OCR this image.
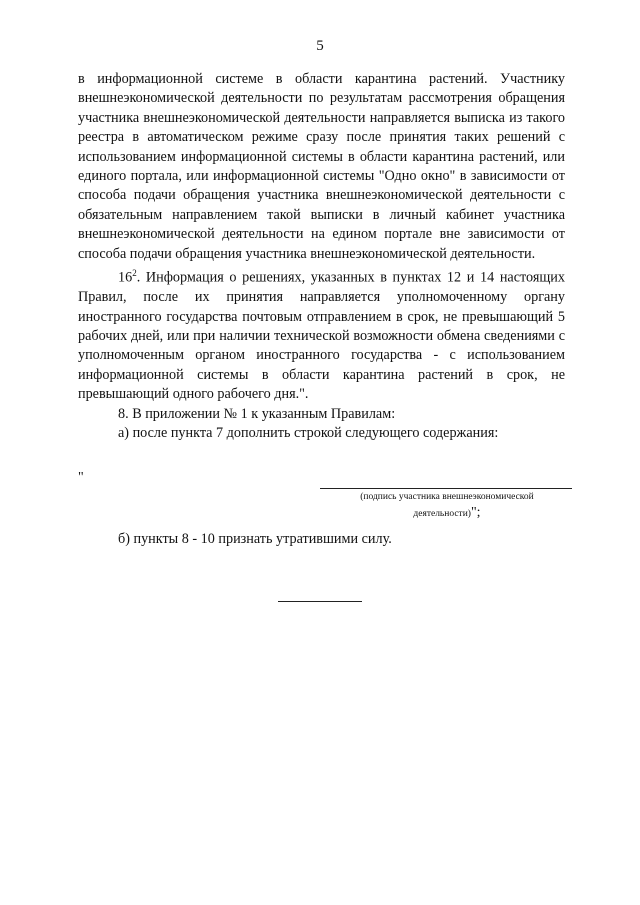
5

в информационной системе в области карантина растений. Участнику внешнеэкономической деятельности по результатам рассмотрения обращения участника внешнеэкономической деятельности направляется выписка из такого реестра в автоматическом режиме сразу после принятия таких решений с использованием информационной системы в области карантина растений, или единого портала, или информационной системы "Одно окно" в зависимости от способа подачи обращения участника внешнеэкономической деятельности с обязательным направлением такой выписки в личный кабинет участника внешнеэкономической деятельности на едином портале вне зависимости от способа подачи обращения участника внешнеэкономической деятельности.

$16^2$. Информация о решениях, указанных в пунктах 12 и 14 настоящих Правил, после их принятия направляется уполномоченному органу иностранного государства почтовым отправлением в срок, не превышающий 5 рабочих дней, или при наличии технической возможности обмена сведениями с уполномоченным органом иностранного государства - с использованием информационной системы в области карантина растений в срок, не превышающий одного рабочего дня.".

8. В приложении № 1 к указанным Правилам:

а) после пункта 7 дополнить строкой следующего содержания:

"
(подпись участника внешнеэкономической
деятельности)";
б) пункты 8 - 10 признать утратившими силу.
